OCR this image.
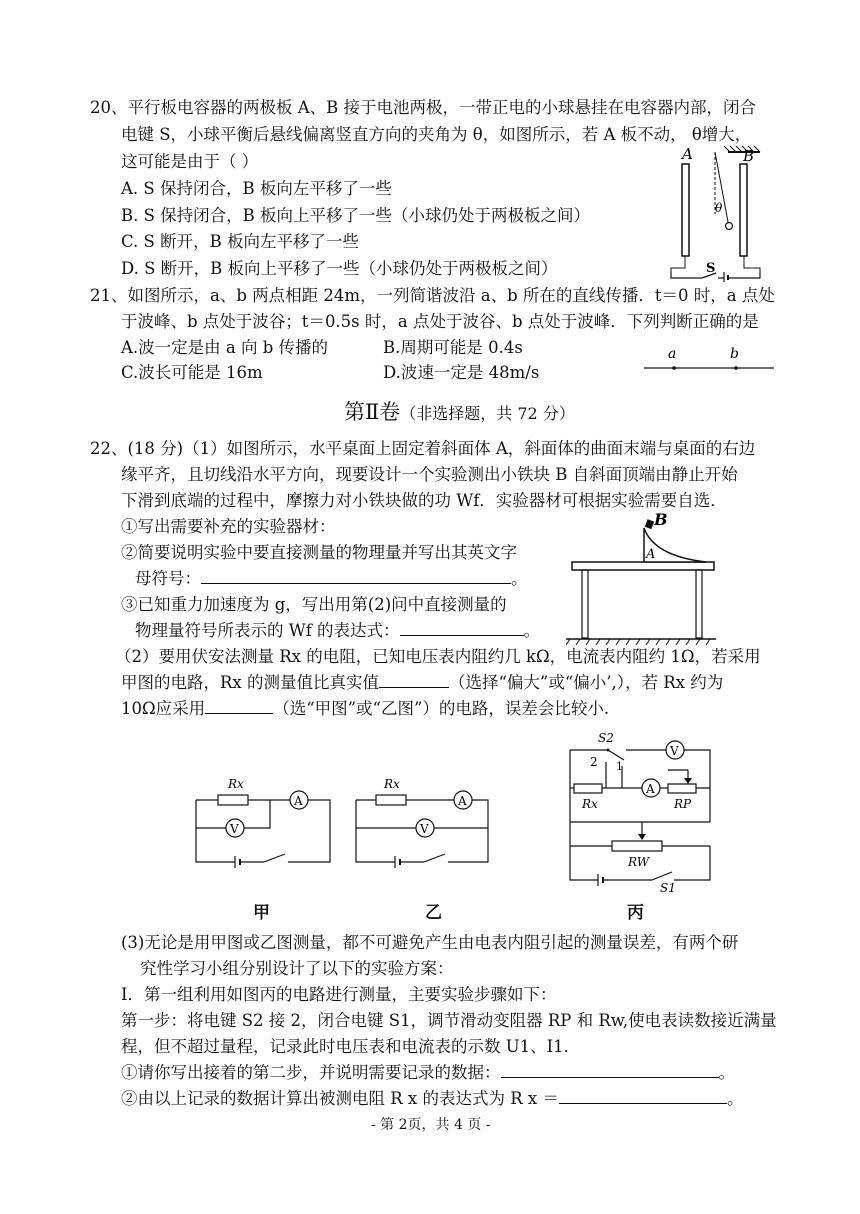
20、平行板电容器的两极板 A、B 接于电池两极，一带正电的小球悬挂在电容器内部，闭合
电键 S，小球平衡后悬线偏离竖直方向的夹角为 θ，如图所示，若 A 板不动， θ增大，
这可能是由于（ ）
A. S 保持闭合，B 板向左平移了一些
B. S 保持闭合，B 板向上平移了一些（小球仍处于两极板之间）
C. S 断开，B 板向左平移了一些
D. S 断开，B 板向上平移了一些（小球仍处于两极板之间）
A	B
θ
S
21、如图所示，a、b 两点相距 24m，一列简谐波沿 a、b 所在的直线传播．t＝0 时，a 点处
于波峰、b 点处于波谷；t＝0.5s 时，a 点处于波谷、b 点处于波峰．下列判断正确的是
A.波一定是由 a 向 b 传播的	B.周期可能是 0.4s
C.波长可能是 16m	D.波速一定是 48m/s
a	b
第Ⅱ卷（非选择题，共 72 分）
22、(18 分)（1）如图所示，水平桌面上固定着斜面体 A，斜面体的曲面末端与桌面的右边
缘平齐，且切线沿水平方向，现要设计一个实验测出小铁块 B 自斜面顶端由静止开始
下滑到底端的过程中，摩擦力对小铁块做的功 Wf．实验器材可根据实验需要自选．
①写出需要补充的实验器材：
②简要说明实验中要直接测量的物理量并写出其英文字
母符号：	。
③已知重力加速度为 g，写出用第(2)问中直接测量的
物理量符号所表示的 Wf 的表达式：	。
B
A
（2）要用伏安法测量 Rx 的电阻，已知电压表内阻约几 kΩ，电流表内阻约 1Ω，若采用
甲图的电路，Rx 的测量值比真实值	（选择“偏大”或“偏小’,），若 Rx 约为
10Ω应采用	（选“甲图”或“乙图”）的电路，误差会比较小.
Rx
A
V
甲
Rx
A
V
乙
S2
V
2 1
A
Rx	RP
RW
S1
丙
(3)无论是用甲图或乙图测量，都不可避免产生由电表内阻引起的测量误差，有两个研
究性学习小组分别设计了以下的实验方案：
I．第一组利用如图丙的电路进行测量，主要实验步骤如下：
第一步：将电键 S2 接 2，闭合电键 S1，调节滑动变阻器 RP 和 Rw,使电表读数接近满量
程，但不超过量程，记录此时电压表和电流表的示数 U1、I1．
①请你写出接着的第二步，并说明需要记录的数据：	。
②由以上记录的数据计算出被测电阻 R x 的表达式为 R x ＝	。
- 第 2页，共 4 页 -
